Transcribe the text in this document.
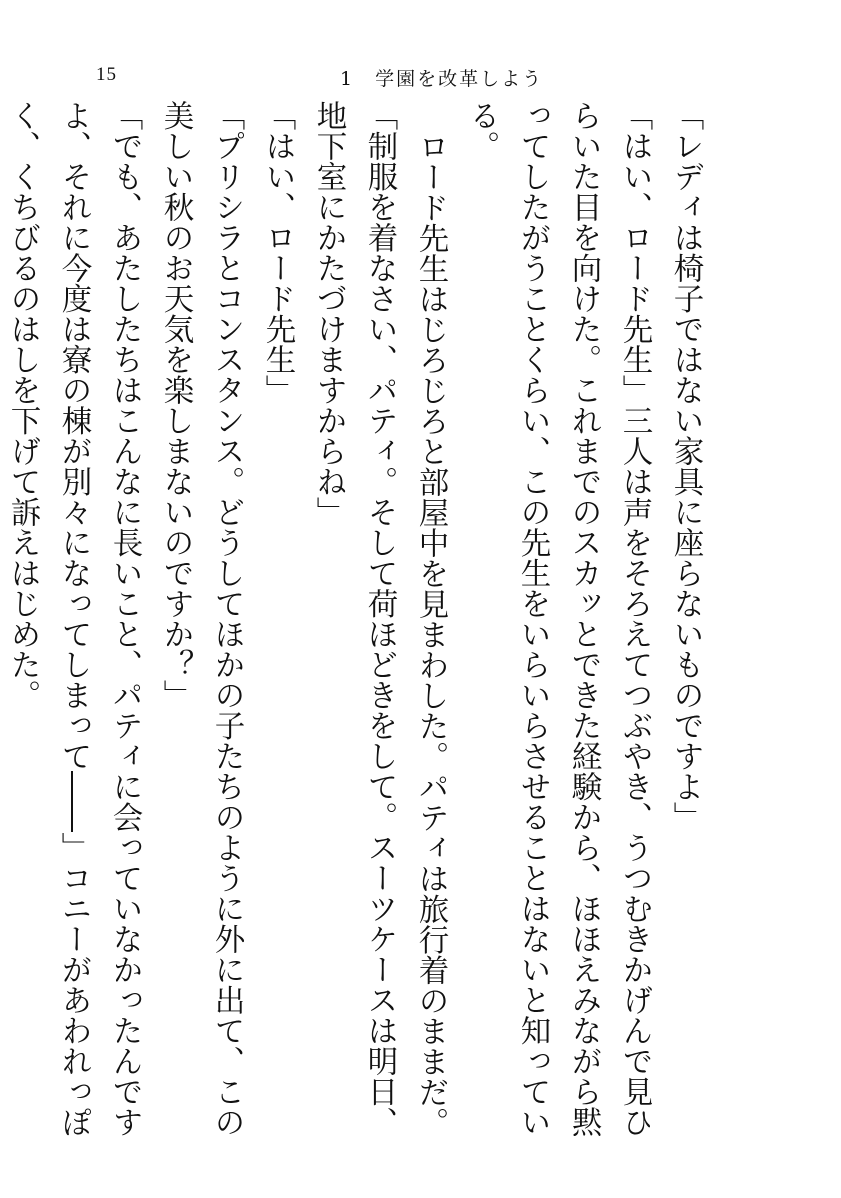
15	1　学園を改革しよう

「レディは椅子ではない家具に座らないものですよ」

「はい、ロード先生」三人は声をそろえてつぶやき、うつむきかげんで見ひらいた目を向けた。これまでのスカッとできた経験から、ほほえみながら黙ってしたがうことくらい、この先生をいらいらさせることはないと知っている。

ロード先生はじろじろと部屋中を見まわした。パティは旅行着のままだ。

「制服を着なさい、パティ。そして荷ほどきをして。スーツケースは明日、地下室にかたづけますからね」

「はい、ロード先生」

「プリシラとコンスタンス。どうしてほかの子たちのように外に出て、この美しい秋のお天気を楽しまないのですか？」

「でも、あたしたちはこんなに長いこと、パティに会っていなかったんですよ、それに今度は寮の棟が別々になってしまって――」コニーがあわれっぽく、くちびるのはしを下げて訴えはじめた。
